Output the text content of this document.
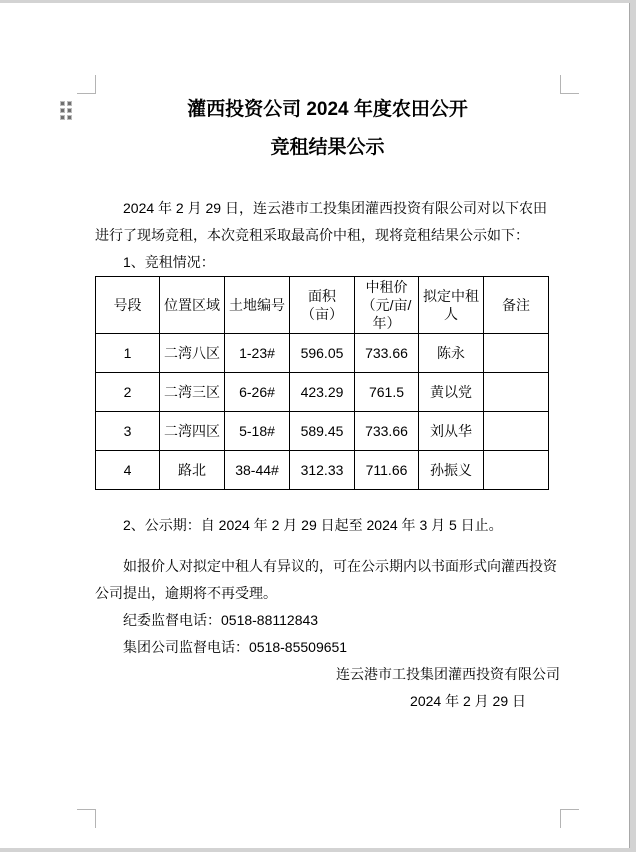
灌西投资公司 2024 年度农田公开
竞租结果公示

2024 年 2 月 29 日，连云港市工投集团灌西投资有限公司对以下农田进行了现场竞租，本次竞租采取最高价中租，现将竞租结果公示如下：

1、竞租情况：

号段	位置区域	土地编号	面积（亩）	中租价（元/亩/年）	拟定中租人	备注
1	二湾八区	1-23#	596.05	733.66	陈永	
2	二湾三区	6-26#	423.29	761.5	黄以党	
3	二湾四区	5-18#	589.45	733.66	刘从华	
4	路北	38-44#	312.33	711.66	孙振义	

2、公示期：自 2024 年 2 月 29 日起至 2024 年 3 月 5 日止。

如报价人对拟定中租人有异议的，可在公示期内以书面形式向灌西投资公司提出，逾期将不再受理。

纪委监督电话：0518-88112843

集团公司监督电话：0518-85509651

连云港市工投集团灌西投资有限公司

2024 年 2 月 29 日
